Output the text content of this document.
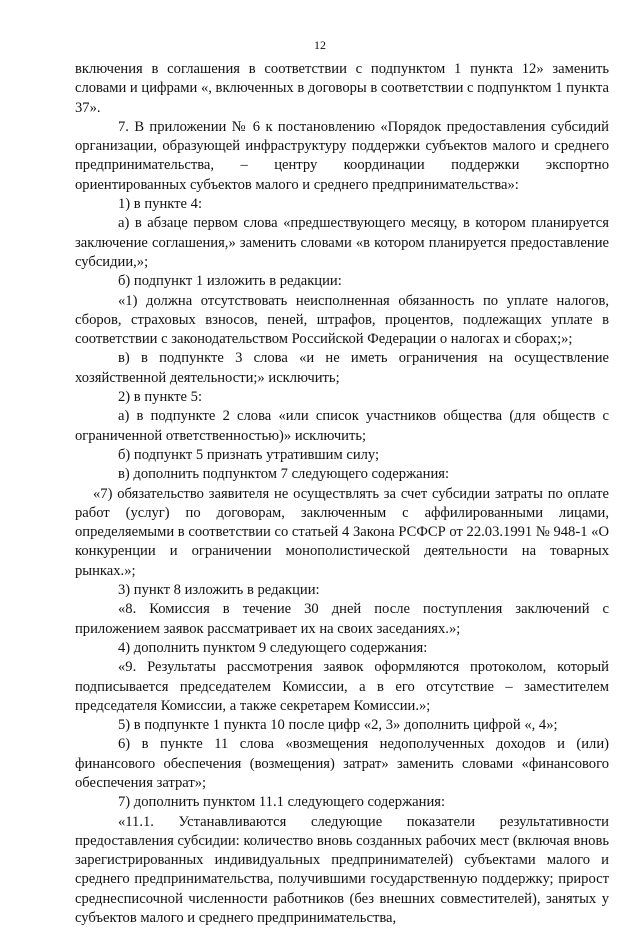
12

включения в соглашения в соответствии с подпунктом 1 пункта 12» заменить словами и цифрами «, включенных в договоры в соответствии с подпунктом 1 пункта 37».

7. В приложении № 6 к постановлению «Порядок предоставления субсидий организации, образующей инфраструктуру поддержки субъектов малого и среднего предпринимательства, – центру координации поддержки экспортно ориентированных субъектов малого и среднего предпринимательства»:

1) в пункте 4:

а) в абзаце первом слова «предшествующего месяцу, в котором планируется заключение соглашения,» заменить словами «в котором планируется предоставление субсидии,»;

б) подпункт 1 изложить в редакции:

«1) должна отсутствовать неисполненная обязанность по уплате налогов, сборов, страховых взносов, пеней, штрафов, процентов, подлежащих уплате в соответствии с законодательством Российской Федерации о налогах и сборах;»;

в) в подпункте 3 слова «и не иметь ограничения на осуществление хозяйственной деятельности;» исключить;

2) в пункте 5:

а) в подпункте 2 слова «или список участников общества (для обществ с ограниченной ответственностью)» исключить;

б) подпункт 5 признать утратившим силу;

в) дополнить подпунктом 7 следующего содержания:

«7) обязательство заявителя не осуществлять за счет субсидии затраты по оплате работ (услуг) по договорам, заключенным с аффилированными лицами, определяемыми в соответствии со статьей 4 Закона РСФСР от 22.03.1991 № 948-1 «О конкуренции и ограничении монополистической деятельности на товарных рынках.»;

3) пункт 8 изложить в редакции:

«8. Комиссия в течение 30 дней после поступления заключений с приложением заявок рассматривает их на своих заседаниях.»;

4) дополнить пунктом 9 следующего содержания:

«9. Результаты рассмотрения заявок оформляются протоколом, который подписывается председателем Комиссии, а в его отсутствие – заместителем председателя Комиссии, а также секретарем Комиссии.»;

5) в подпункте 1 пункта 10 после цифр «2, 3» дополнить цифрой «, 4»;

6) в пункте 11 слова «возмещения недополученных доходов и (или) финансового обеспечения (возмещения) затрат» заменить словами «финансового обеспечения затрат»;

7) дополнить пунктом 11.1 следующего содержания:

«11.1. Устанавливаются следующие показатели результативности предоставления субсидии: количество вновь созданных рабочих мест (включая вновь зарегистрированных индивидуальных предпринимателей) субъектами малого и среднего предпринимательства, получившими государственную поддержку; прирост среднесписочной численности работников (без внешних совместителей), занятых у субъектов малого и среднего предпринимательства,
